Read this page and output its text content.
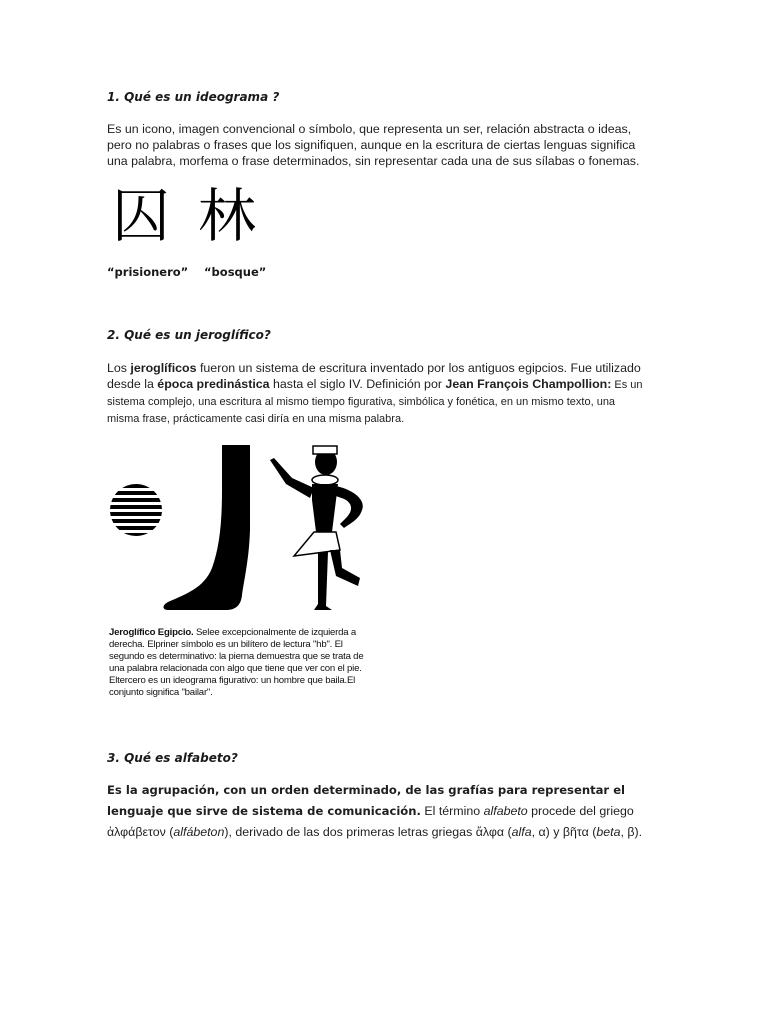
1. Qué es un ideograma ?

Es un icono, imagen convencional o símbolo, que representa un ser, relación abstracta o ideas, pero no palabras o frases que los signifiquen, aunque en la escritura de ciertas lenguas significa una palabra, morfema o frase determinados, sin representar cada una de sus sílabas o fonemas.

囚 林
“prisionero” “bosque”
2. Qué es un jeroglífico?

Los jeroglíficos fueron un sistema de escritura inventado por los antiguos egipcios. Fue utilizado desde la época predinástica hasta el siglo IV. Definición por Jean François Champollion: Es un sistema complejo, una escritura al mismo tiempo figurativa, simbólica y fonética, en un mismo texto, una misma frase, prácticamente casi diría en una misma palabra.

Jeroglífico Egipcio. Selee excepcionalmente de izquierda a derecha. Elpriner símbolo es un bilítero de lectura "hb". El segundo es determinativo: la pierna demuestra que se trata de una palabra relacionada con algo que tiene que ver con el pie. Eltercero es un ideograma figurativo: un hombre que baila.El conjunto significa "bailar".

3. Qué es alfabeto?

Es la agrupación, con un orden determinado, de las grafías para representar el lenguaje que sirve de sistema de comunicación. El término alfabeto procede del griego ἀλφάβετον (alfábeton), derivado de las dos primeras letras griegas ἄλφα (alfa, α) y βῆτα (beta, β).
